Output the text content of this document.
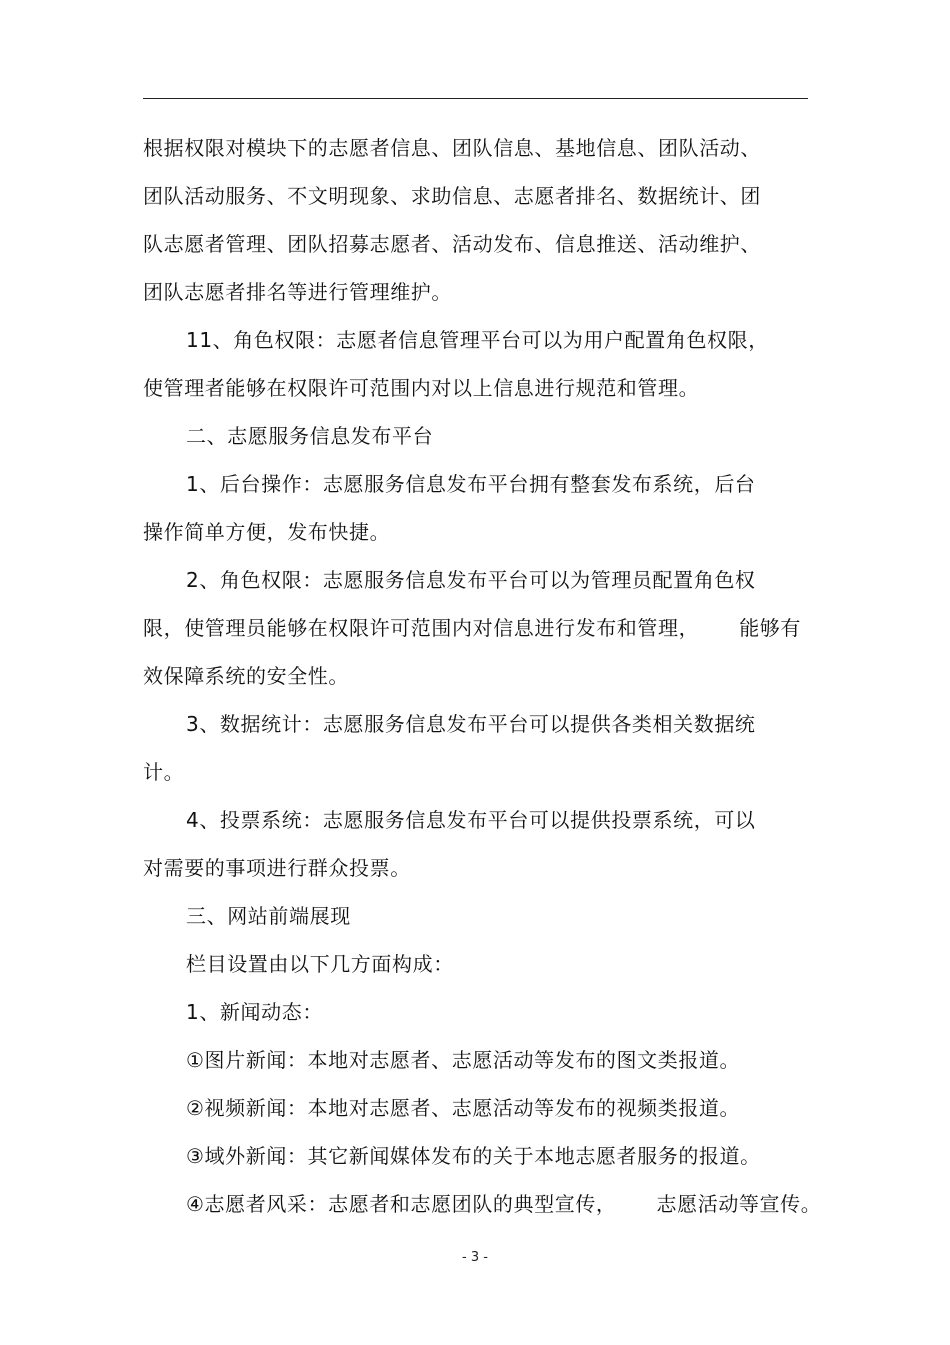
根据权限对模块下的志愿者信息、团队信息、基地信息、团队活动、
团队活动服务、不文明现象、求助信息、志愿者排名、数据统计、团
队志愿者管理、团队招募志愿者、活动发布、信息推送、活动维护、
团队志愿者排名等进行管理维护。
11、角色权限：志愿者信息管理平台可以为用户配置角色权限，
使管理者能够在权限许可范围内对以上信息进行规范和管理。
二、志愿服务信息发布平台
1、后台操作：志愿服务信息发布平台拥有整套发布系统，后台
操作简单方便，发布快捷。
2、角色权限：志愿服务信息发布平台可以为管理员配置角色权
限，使管理员能够在权限许可范围内对信息进行发布和管理， 能够有
效保障系统的安全性。
3、数据统计：志愿服务信息发布平台可以提供各类相关数据统
计。
4、投票系统：志愿服务信息发布平台可以提供投票系统，可以
对需要的事项进行群众投票。
三、网站前端展现
栏目设置由以下几方面构成：
1、新闻动态：
①图片新闻：本地对志愿者、志愿活动等发布的图文类报道。
②视频新闻：本地对志愿者、志愿活动等发布的视频类报道。
③域外新闻：其它新闻媒体发布的关于本地志愿者服务的报道。
④志愿者风采：志愿者和志愿团队的典型宣传， 志愿活动等宣传。
- 3 -
